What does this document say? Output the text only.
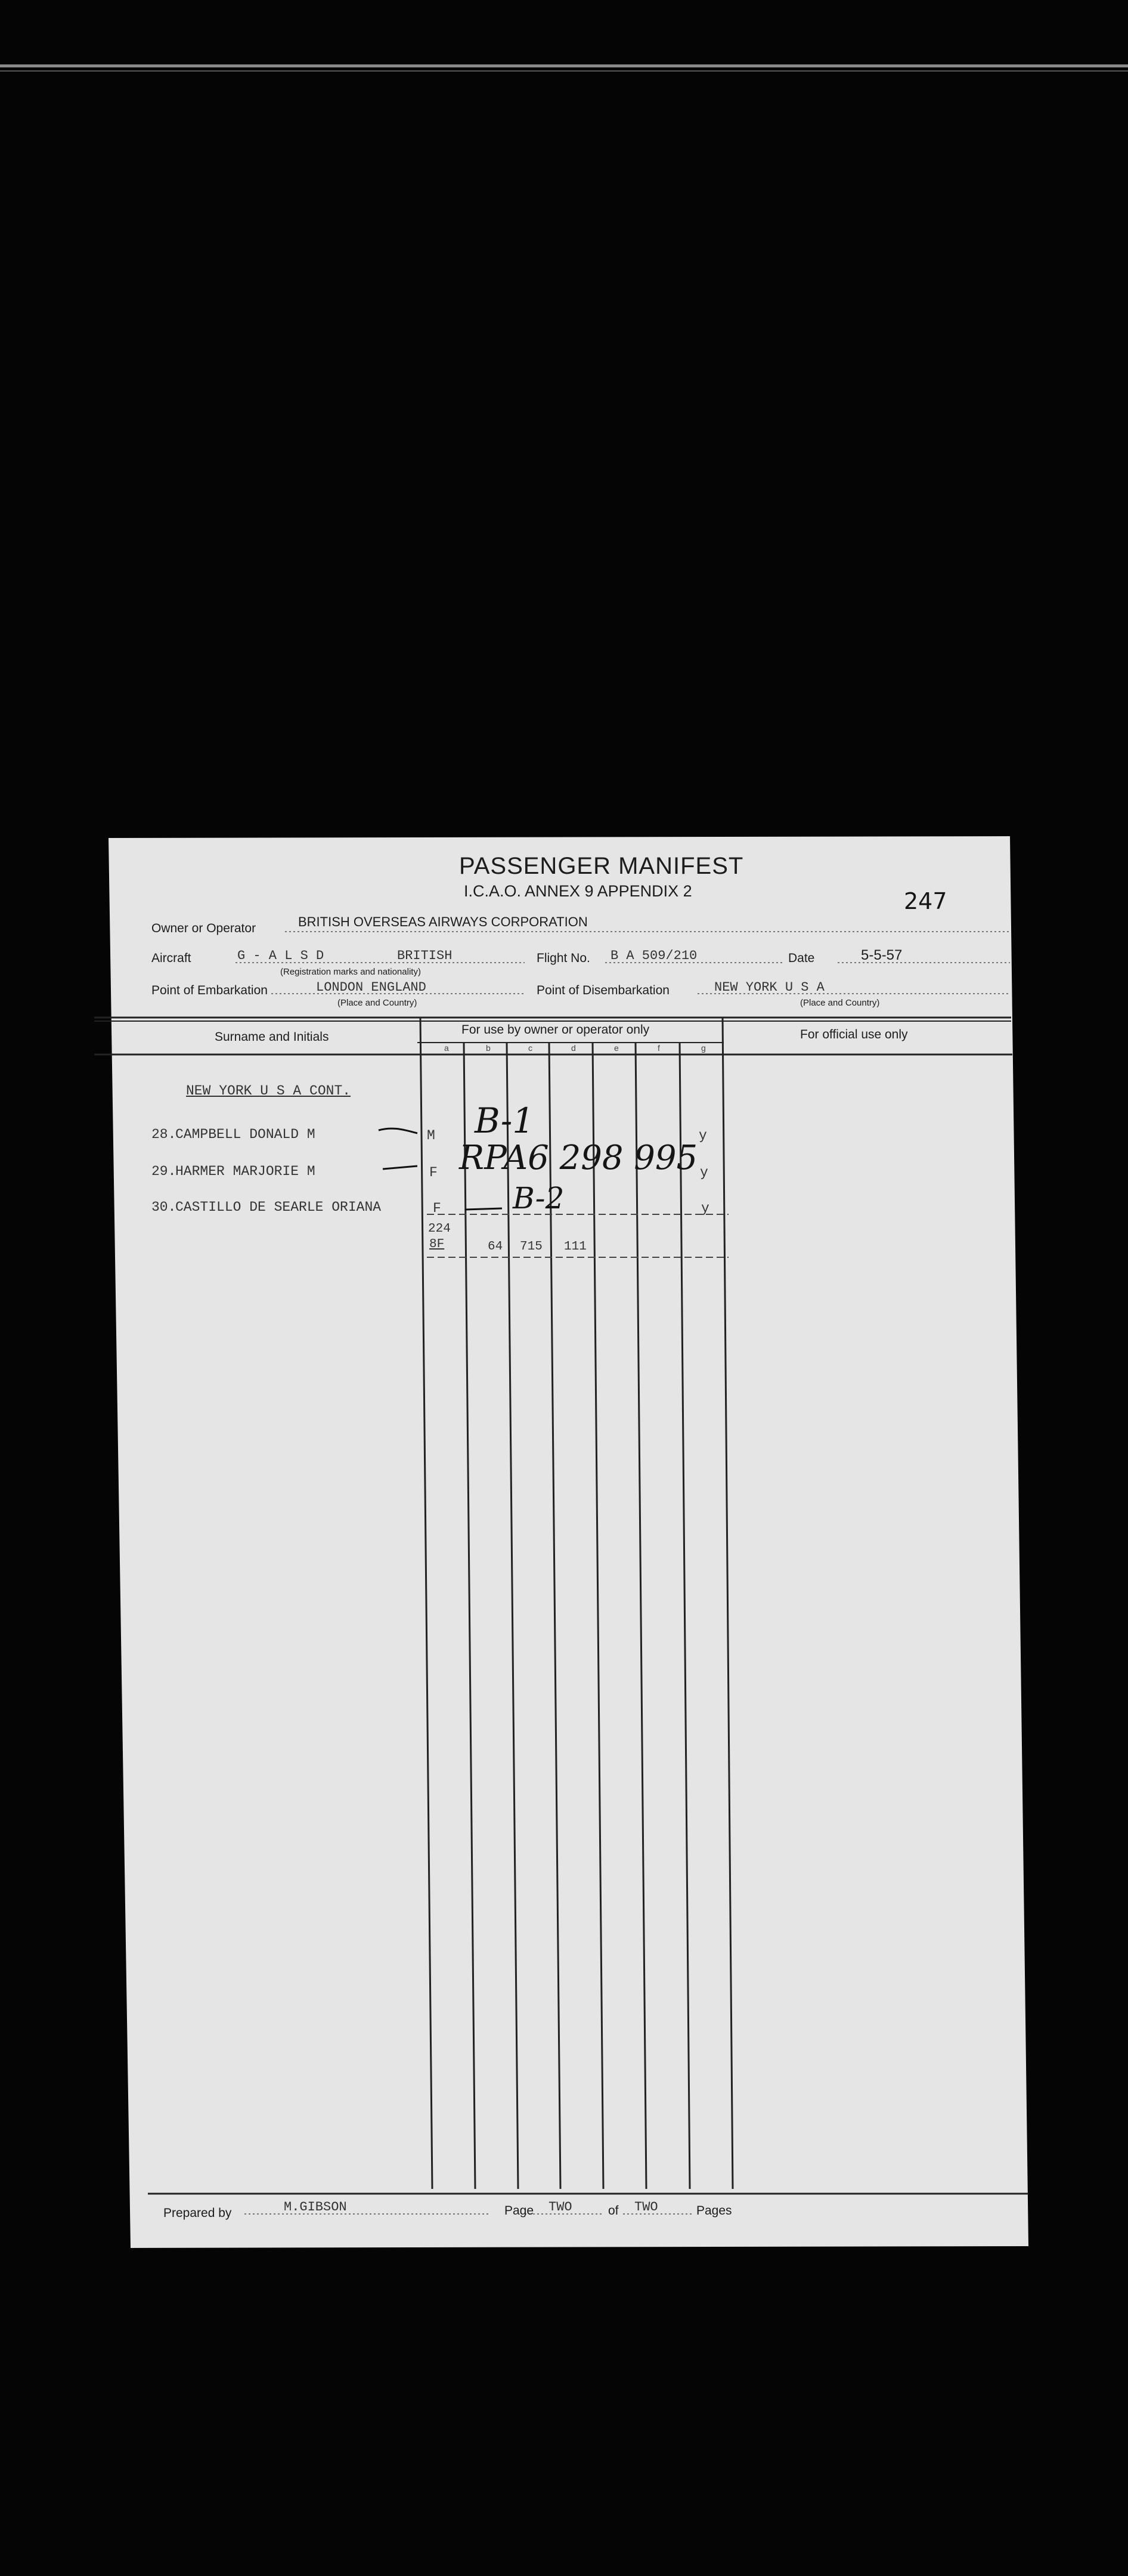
PASSENGER MANIFEST
I.C.A.O. ANNEX 9 APPENDIX 2	247
Owner or Operator	BRITISH OVERSEAS AIRWAYS CORPORATION
Aircraft	G - A L S D	BRITISH
(Registration marks and nationality)
Flight No. B A 509/210	Date	5-5-57
Point of Embarkation	LONDON ENGLAND
(Place and Country)
Point of Disembarkation	NEW YORK U S A
(Place and Country)
Surname and Initials
For use by owner or operator only	For official use only
a	b	c	d	e	f	g
NEW YORK U S A CONT.
28.
CAMPBELL DONALD M	M	y
29.
HARMER MARJORIE M	F	y
30.
CASTILLO DE SEARLE ORIANA	F	y
B-1
RPA6 298 995
B-2
224
8F	64 715 111
Prepared by	M.GIBSON	Page TWO	of TWO	Pages
